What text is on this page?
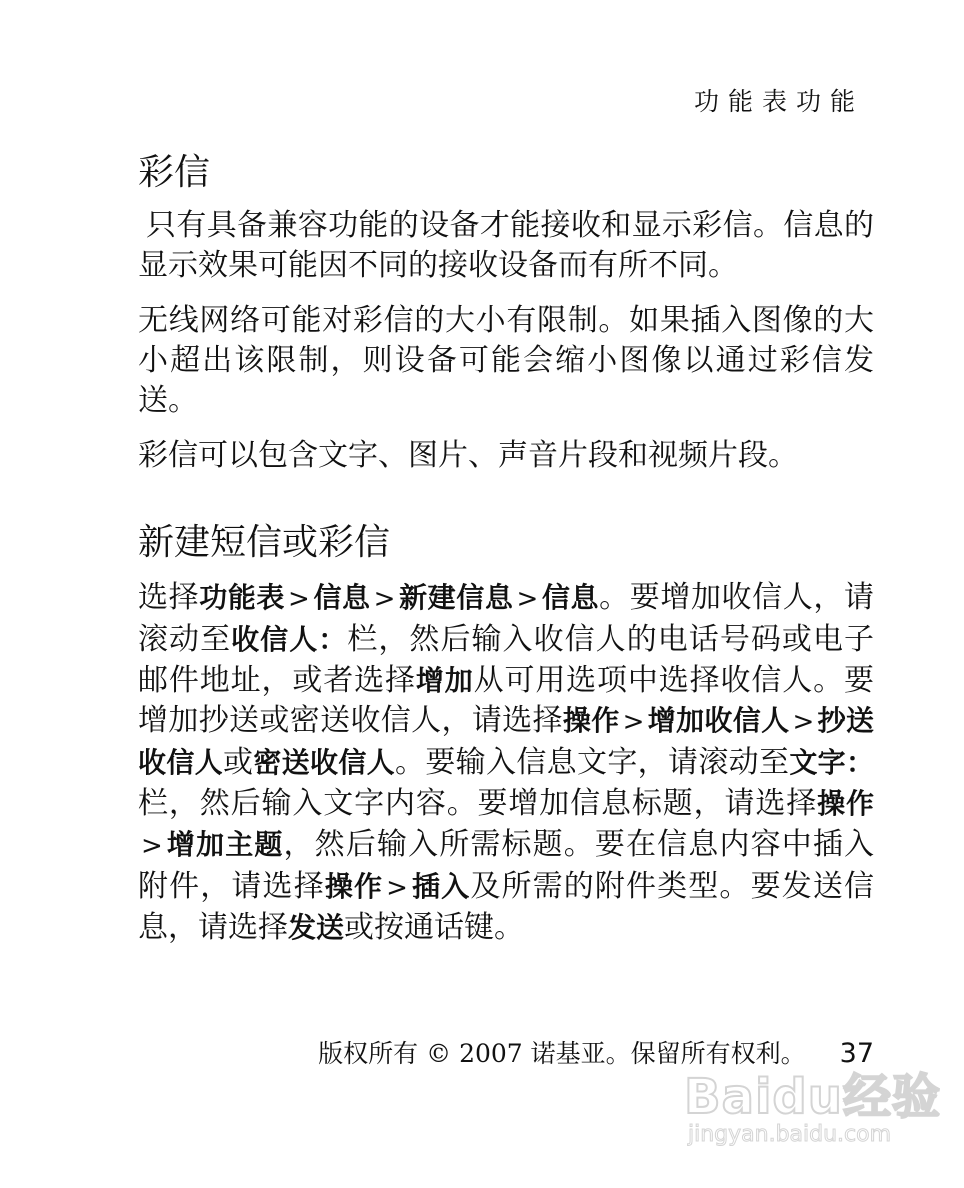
功能表功能
彩信

只有具备兼容功能的设备才能接收和显示彩信。信息的显示效果可能因不同的接收设备而有所不同。

无线网络可能对彩信的大小有限制。如果插入图像的大小超出该限制，则设备可能会缩小图像以通过彩信发送。

彩信可以包含文字、图片、声音片段和视频片段。

新建短信或彩信

选择功能表 > 信息 > 新建信息 > 信息。要增加收信人，请滚动至收信人：栏，然后输入收信人的电话号码或电子邮件地址，或者选择增加从可用选项中选择收信人。要增加抄送或密送收信人，请选择操作 > 增加收信人 > 抄送收信人或密送收信人。要输入信息文字，请滚动至文字：栏，然后输入文字内容。要增加信息标题，请选择操作> 增加主题，然后输入所需标题。要在信息内容中插入附件，请选择操作 > 插入及所需的附件类型。要发送信息，请选择发送或按通话键。

版权所有 © 2007 诺基亚。保留所有权利。 37
Baidu经验
jingyan.baidu.com
